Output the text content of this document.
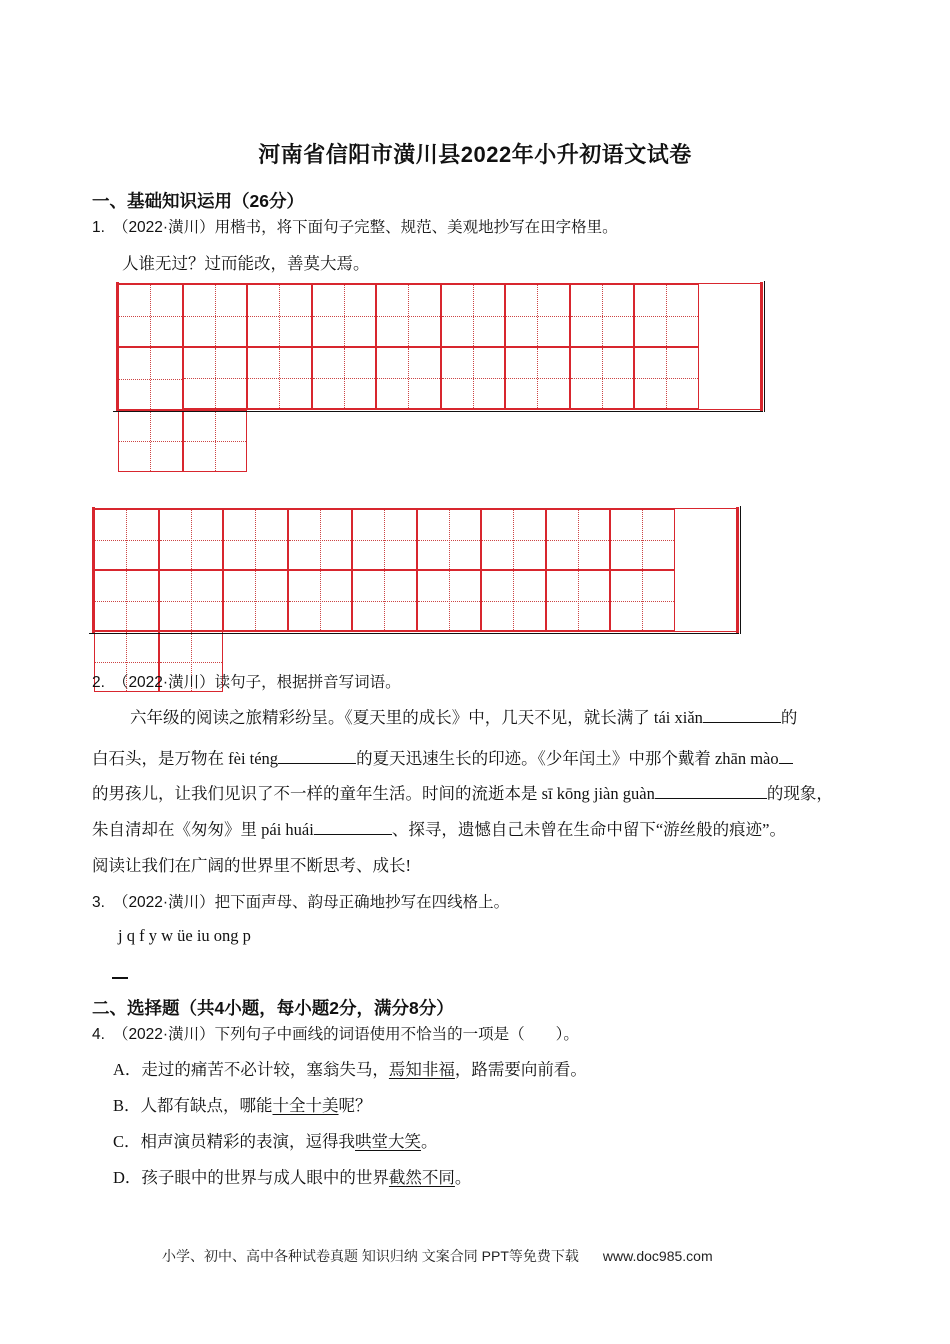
河南省信阳市潢川县2022年小升初语文试卷
一、基础知识运用（26分）
1. （2022·潢川）用楷书，将下面句子完整、规范、美观地抄写在田字格里。
人谁无过？过而能改，善莫大焉。
2. （2022·潢川）读句子，根据拼音写词语。
六年级的阅读之旅精彩纷呈。《夏天里的成长》中，几天不见，就长满了 tái xiǎn	的
白石头，是万物在 fèi téng	的夏天迅速生长的印迹。《少年闰土》中那个戴着 zhān mào
的男孩儿，让我们见识了不一样的童年生活。时间的流逝本是 sī kōng jiàn guàn	的现象，
朱自清却在《匆匆》里 pái huái	、探寻，遗憾自己未曾在生命中留下“游丝般的痕迹”。
阅读让我们在广阔的世界里不断思考、成长!
3. （2022·潢川）把下面声母、韵母正确地抄写在四线格上。
j q f y w üe iu ong p
二、选择题（共4小题，每小题2分，满分8分）
4. （2022·潢川）下列句子中画线的词语使用不恰当的一项是（　　）。
A．走过的痛苦不必计较，塞翁失马，焉知非福，路需要向前看。
B．人都有缺点，哪能十全十美呢？
C．相声演员精彩的表演，逗得我哄堂大笑。
D．孩子眼中的世界与成人眼中的世界截然不同。
小学、初中、高中各种试卷真题 知识归纳 文案合同 PPT等免费下载 www.doc985.com
